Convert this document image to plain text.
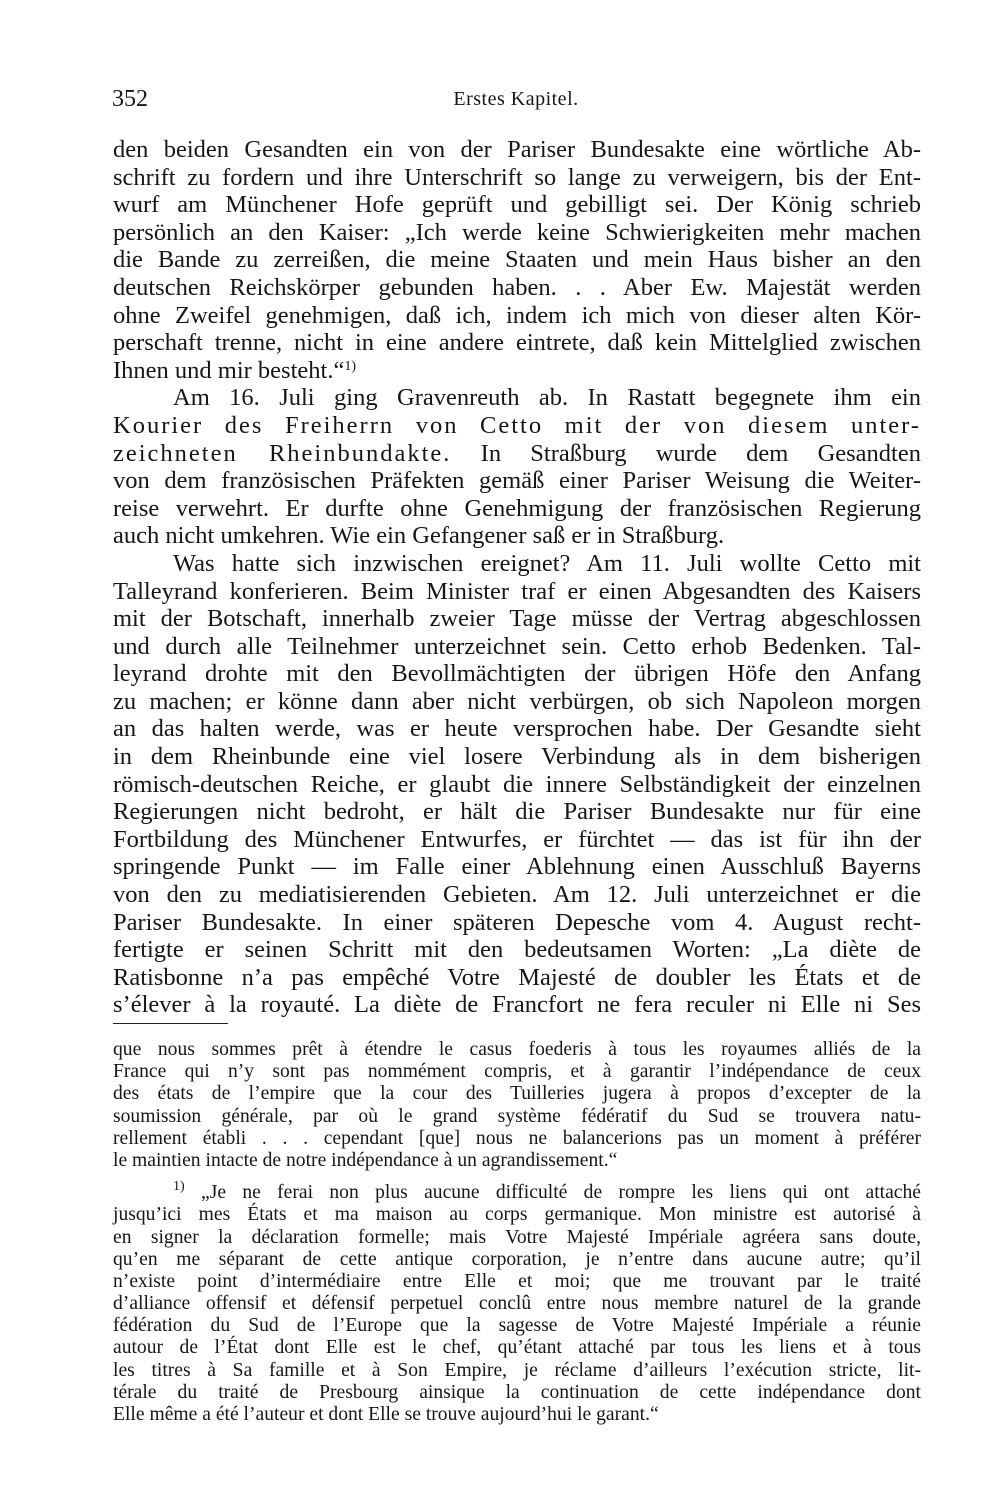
352	Erstes Kapitel.
den beiden Gesandten ein von der Pariser Bundesakte eine wörtliche Ab-
schrift zu fordern und ihre Unterschrift so lange zu verweigern, bis der Ent-
wurf am Münchener Hofe geprüft und gebilligt sei. Der König schrieb
persönlich an den Kaiser: „Ich werde keine Schwierigkeiten mehr machen
die Bande zu zerreißen, die meine Staaten und mein Haus bisher an den
deutschen Reichskörper gebunden haben. . . Aber Ew. Majestät werden
ohne Zweifel genehmigen, daß ich, indem ich mich von dieser alten Kör-
perschaft trenne, nicht in eine andere eintrete, daß kein Mittelglied zwischen
Ihnen und mir besteht.“$^{1)}$
Am 16. Juli ging Gravenreuth ab. In Rastatt begegnete ihm ein
Kourier des Freiherrn von Cetto mit der von diesem unter-
zeichneten Rheinbundakte. In Straßburg wurde dem Gesandten
von dem französischen Präfekten gemäß einer Pariser Weisung die Weiter-
reise verwehrt. Er durfte ohne Genehmigung der französischen Regierung
auch nicht umkehren. Wie ein Gefangener saß er in Straßburg.
Was hatte sich inzwischen ereignet? Am 11. Juli wollte Cetto mit
Talleyrand konferieren. Beim Minister traf er einen Abgesandten des Kaisers
mit der Botschaft, innerhalb zweier Tage müsse der Vertrag abgeschlossen
und durch alle Teilnehmer unterzeichnet sein. Cetto erhob Bedenken. Tal-
leyrand drohte mit den Bevollmächtigten der übrigen Höfe den Anfang
zu machen; er könne dann aber nicht verbürgen, ob sich Napoleon morgen
an das halten werde, was er heute versprochen habe. Der Gesandte sieht
in dem Rheinbunde eine viel losere Verbindung als in dem bisherigen
römisch-deutschen Reiche, er glaubt die innere Selbständigkeit der einzelnen
Regierungen nicht bedroht, er hält die Pariser Bundesakte nur für eine
Fortbildung des Münchener Entwurfes, er fürchtet — das ist für ihn der
springende Punkt — im Falle einer Ablehnung einen Ausschluß Bayerns
von den zu mediatisierenden Gebieten. Am 12. Juli unterzeichnet er die
Pariser Bundesakte. In einer späteren Depesche vom 4. August recht-
fertigte er seinen Schritt mit den bedeutsamen Worten: „La diète de
Ratisbonne n’a pas empêché Votre Majesté de doubler les États et de
s’élever à la royauté. La diète de Francfort ne fera reculer ni Elle ni Ses
que nous sommes prêt à étendre le casus foederis à tous les royaumes alliés de la
France qui n’y sont pas nommément compris, et à garantir l’indépendance de ceux
des états de l’empire que la cour des Tuilleries jugera à propos d’excepter de la
soumission générale, par où le grand système fédératif du Sud se trouvera natu-
rellement établi . . . cependant [que] nous ne balancerions pas un moment à préférer
le maintien intacte de notre indépendance à un agrandissement.“
$^{1)}$ „Je ne ferai non plus aucune difficulté de rompre les liens qui ont attaché
jusqu’ici mes États et ma maison au corps germanique. Mon ministre est autorisé à
en signer la déclaration formelle; mais Votre Majesté Impériale agréera sans doute,
qu’en me séparant de cette antique corporation, je n’entre dans aucune autre; qu’il
n’existe point d’intermédiaire entre Elle et moi; que me trouvant par le traité
d’alliance offensif et défensif perpetuel conclû entre nous membre naturel de la grande
fédération du Sud de l’Europe que la sagesse de Votre Majesté Impériale a réunie
autour de l’État dont Elle est le chef, qu’étant attaché par tous les liens et à tous
les titres à Sa famille et à Son Empire, je réclame d’ailleurs l’exécution stricte, lit-
térale du traité de Presbourg ainsique la continuation de cette indépendance dont
Elle même a été l’auteur et dont Elle se trouve aujourd’hui le garant.“
